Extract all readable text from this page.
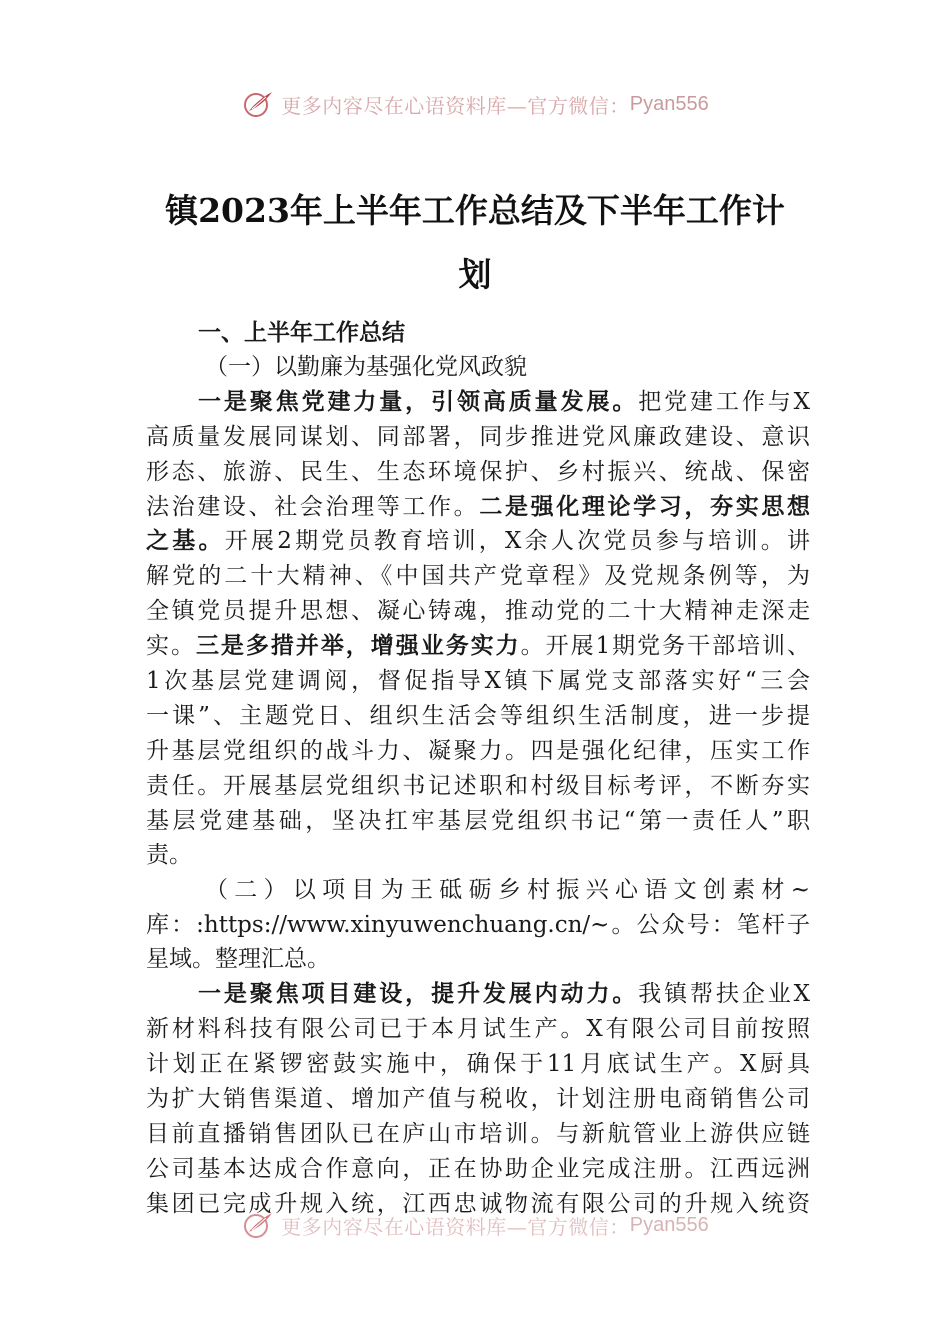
更多内容尽在心语资料库—官方微信： Pyan556
镇2023年上半年工作总结及下半年工作计
划
一、上半年工作总结
（一）以勤廉为基强化党风政貌
一是聚焦党建力量，引领高质量发展。把党建工作与X
高质量发展同谋划、同部署，同步推进党风廉政建设、意识
形态、旅游、民生、生态环境保护、乡村振兴、统战、保密
法治建设、社会治理等工作。二是强化理论学习，夯实思想
之基。开展2期党员教育培训，X余人次党员参与培训。讲
解党的二十大精神、《中国共产党章程》及党规条例等，为
全镇党员提升思想、凝心铸魂，推动党的二十大精神走深走
实。三是多措并举，增强业务实力。开展1期党务干部培训、
1次基层党建调阅，督促指导X镇下属党支部落实好“三会
一课”、主题党日、组织生活会等组织生活制度，进一步提
升基层党组织的战斗力、凝聚力。四是强化纪律，压实工作
责任。开展基层党组织书记述职和村级目标考评，不断夯实
基层党建基础，坚决扛牢基层党组织书记“第一责任人”职
责。
（二）以项目为王砥砺乡村振兴心语文创素材~
库：:https://www.xinyuwenchuang.cn/~。公众号：笔杆子
星域。整理汇总。
一是聚焦项目建设，提升发展内动力。我镇帮扶企业X
新材料科技有限公司已于本月试生产。X有限公司目前按照
计划正在紧锣密鼓实施中，确保于11月底试生产。X厨具
为扩大销售渠道、增加产值与税收，计划注册电商销售公司
目前直播销售团队已在庐山市培训。与新航管业上游供应链
公司基本达成合作意向，正在协助企业完成注册。江西远洲
集团已完成升规入统，江西忠诚物流有限公司的升规入统资
更多内容尽在心语资料库—官方微信： Pyan556
